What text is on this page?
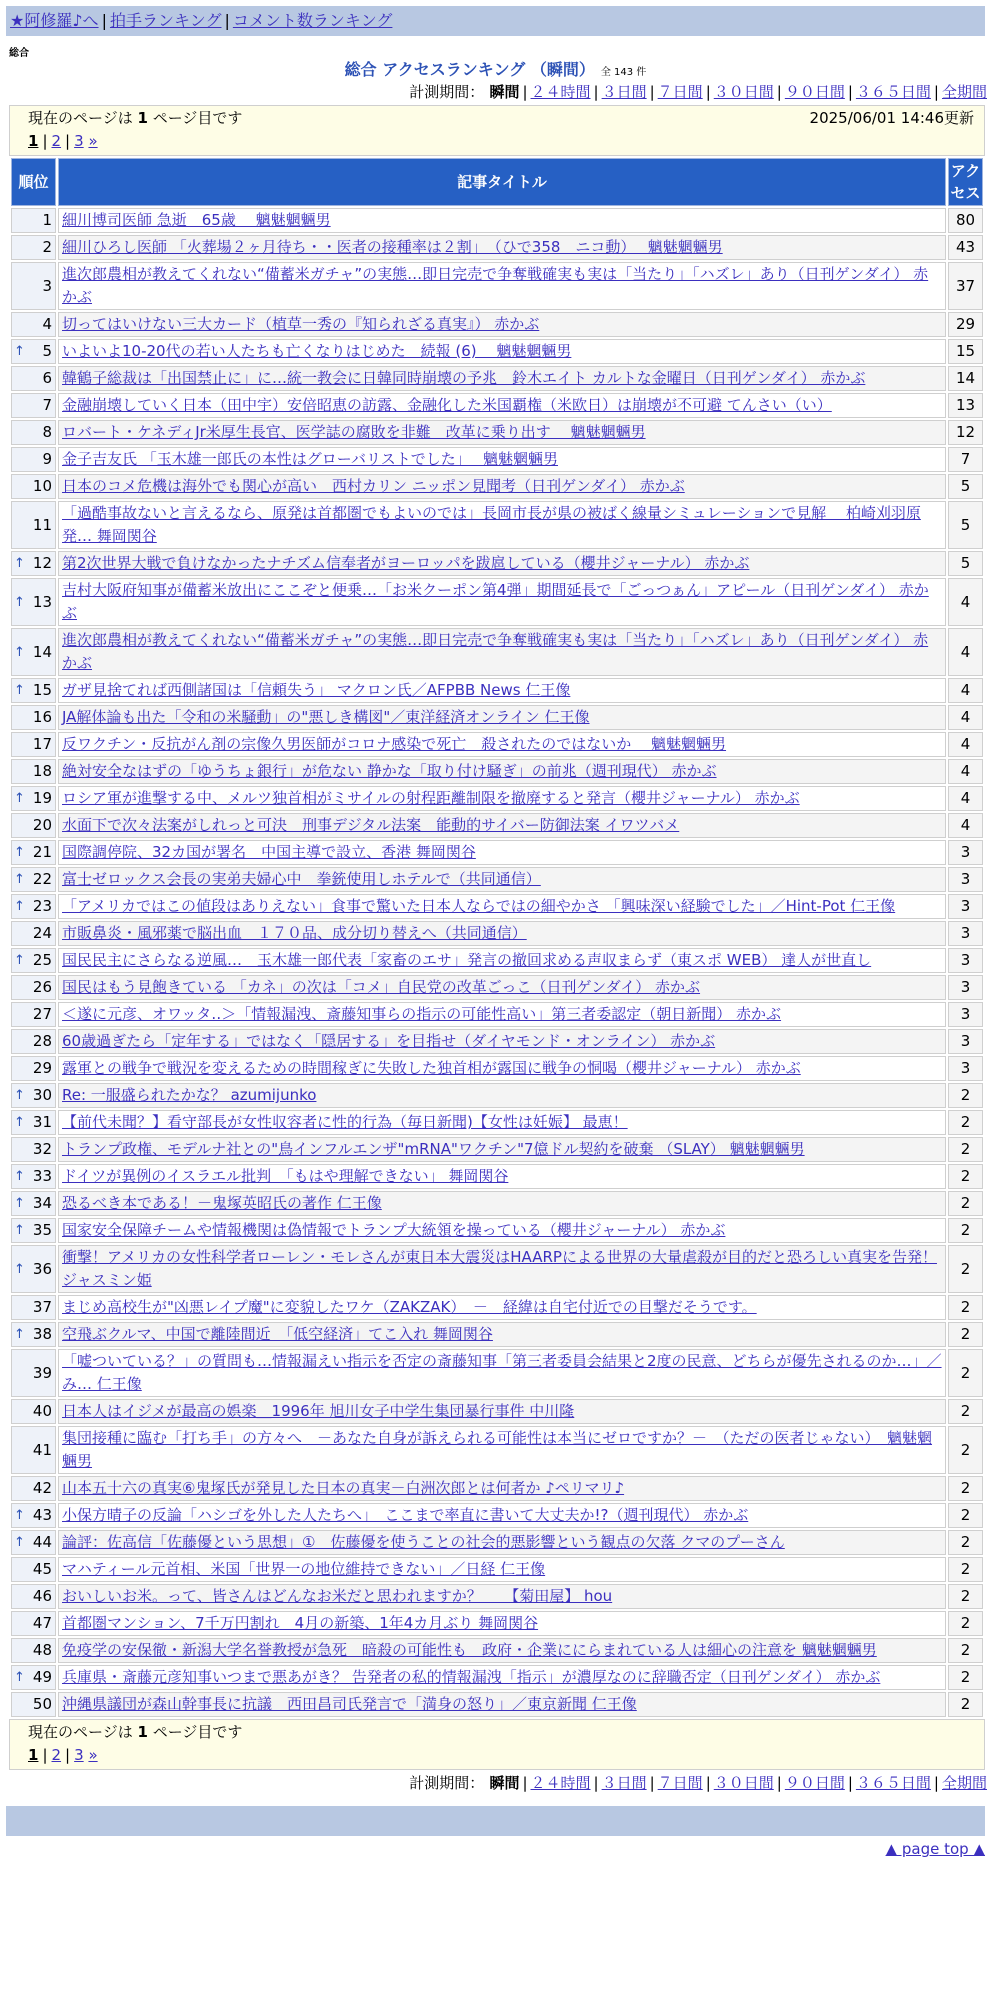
★阿修羅♪へ | 拍手ランキング | コメント数ランキング
総合
総合 アクセスランキング （瞬間） 全 143 件
計測期間： 瞬間 | ２４時間 | ３日間 | ７日間 | ３０日間 | ９０日間 | ３６５日間 | 全期間
現在のページは 1 ページ目です	2025/06/01 14:46更新
1 | 2 | 3 »
順位	記事タイトル	アクセス
1	細川博司医師 急逝　65歳　 魑魅魍魎男	80
2	細川ひろし医師 「火葬場２ヶ月待ち・・医者の接種率は２割」　（ひで358　ニコ動）　 魑魅魍魎男	43
3	進次郎農相が教えてくれない“備蓄米ガチャ”の実態…即日完売で争奪戦確実も実は「当たり」「ハズレ」あり（日刊ゲンダイ） 赤かぶ	37
4	切ってはいけない三大カード（植草一秀の『知られざる真実』） 赤かぶ	29

↑ 5	いよいよ10-20代の若い人たちも亡くなりはじめた　続報 (6)　 魑魅魍魎男	15
6	韓鶴子総裁は「出国禁止に」に…統一教会に日韓同時崩壊の予兆　鈴木エイト カルトな金曜日（日刊ゲンダイ） 赤かぶ	14
7	金融崩壊していく日本（田中宇）安倍昭恵の訪露、金融化した米国覇権（米欧日）は崩壊が不可避 てんさい（い）	13
8	ロバート・ケネディJr米厚生長官、医学誌の腐敗を非難　改革に乗り出す　 魑魅魍魎男	12
9	金子吉友氏 「玉木雄一郎氏の本性はグローバリストでした」　 魑魅魍魎男	7
10	日本のコメ危機は海外でも関心が高い　西村カリン ニッポン見聞考（日刊ゲンダイ） 赤かぶ	5
11	「過酷事故ないと言えるなら、原発は首都圏でもよいのでは」長岡市長が県の被ばく線量シミュレーションで見解　 柏崎刈羽原発… 舞岡関谷	5

↑ 12	第2次世界大戦で負けなかったナチズム信奉者がヨーロッパを跋扈している（櫻井ジャーナル） 赤かぶ	5

↑ 13	吉村大阪府知事が備蓄米放出にここぞと便乗…「お米クーポン第4弾」期間延長で「ごっつぁん」アピール（日刊ゲンダイ） 赤かぶ	4

↑ 14	進次郎農相が教えてくれない“備蓄米ガチャ”の実態…即日完売で争奪戦確実も実は「当たり」「ハズレ」あり（日刊ゲンダイ） 赤かぶ	4

↑ 15	ガザ見捨てれば西側諸国は「信頼失う」 マクロン氏／AFPBB News 仁王像	4
16	JA解体論も出た「令和の米騒動」の"悪しき構図"／東洋経済オンライン 仁王像	4
17	反ワクチン・反抗がん剤の宗像久男医師がコロナ感染で死亡　殺されたのではないか　 魑魅魍魎男	4
18	絶対安全なはずの「ゆうちょ銀行」が危ない 静かな「取り付け騒ぎ」の前兆（週刊現代） 赤かぶ	4

↑ 19	ロシア軍が進撃する中、メルツ独首相がミサイルの射程距離制限を撤廃すると発言（櫻井ジャーナル） 赤かぶ	4
20	水面下で次々法案がしれっと可決　刑事デジタル法案　能動的サイバー防御法案 イワツバメ	4

↑ 21	国際調停院、32カ国が署名　中国主導で設立、香港 舞岡関谷	3

↑ 22	富士ゼロックス会長の実弟夫婦心中　拳銃使用しホテルで（共同通信）	3

↑ 23	「アメリカではこの値段はありえない」食事で驚いた日本人ならではの細やかさ 「興味深い経験でした」／Hint-Pot 仁王像	3
24	市販鼻炎・風邪薬で脳出血　１７０品、成分切り替えへ（共同通信）	3

↑ 25	国民民主にさらなる逆風…　玉木雄一郎代表「家畜のエサ」発言の撤回求める声収まらず（東スポ WEB） 達人が世直し	3
26	国民はもう見飽きている 「カネ」の次は「コメ」自民党の改革ごっこ（日刊ゲンダイ） 赤かぶ	3
27	＜遂に元彦、オワッタ‥＞「情報漏洩、斎藤知事らの指示の可能性高い」第三者委認定（朝日新聞） 赤かぶ	3
28	60歳過ぎたら「定年する」ではなく「隠居する」を目指せ（ダイヤモンド・オンライン） 赤かぶ	3
29	露軍との戦争で戦況を変えるための時間稼ぎに失敗した独首相が露国に戦争の恫喝（櫻井ジャーナル） 赤かぶ	3

↑ 30	Re: 一服盛られたかな？ azumijunko	2

↑ 31	【前代未聞？】看守部長が女性収容者に性的行為（毎日新聞)【女性は妊娠】 最恵！	2
32	トランプ政権、モデルナ社との"鳥インフルエンザ"mRNA"ワクチン"7億ドル契約を破棄 （SLAY） 魑魅魍魎男	2

↑ 33	ドイツが異例のイスラエル批判　「もはや理解できない」 舞岡関谷	2

↑ 34	恐るべき本である！－鬼塚英昭氏の著作 仁王像	2

↑ 35	国家安全保障チームや情報機関は偽情報でトランプ大統領を操っている（櫻井ジャーナル） 赤かぶ	2

↑ 36	衝撃！アメリカの女性科学者ローレン・モレさんが東日本大震災はHAARPによる世界の大量虐殺が目的だと恐ろしい真実を告発！ ジャスミン姫	2
37	まじめ高校生が"凶悪レイプ魔"に変貌したワケ（ZAKZAK）　－　経緯は自宅付近での目撃だそうです。	2

↑ 38	空飛ぶクルマ、中国で離陸間近　「低空経済」てこ入れ 舞岡関谷	2
39	「嘘ついている？」の質問も…情報漏えい指示を否定の斎藤知事「第三者委員会結果と2度の民意、どちらが優先されるのか…」／み… 仁王像	2
40	日本人はイジメが最高の娯楽＿1996年 旭川女子中学生集団暴行事件 中川隆	2
41	集団接種に臨む「打ち手」の方々へ　－あなた自身が訴えられる可能性は本当にゼロですか？－　（ただの医者じゃない）　魑魅魍魎男	2
42	山本五十六の真実⑥鬼塚氏が発見した日本の真実－白洲次郎とは何者か ♪ペリマリ♪	2

↑ 43	小保方晴子の反論「ハシゴを外した人たちへ」　ここまで率直に書いて大丈夫か!?（週刊現代） 赤かぶ	2

↑ 44	論評：佐高信「佐藤優という思想」①　佐藤優を使うことの社会的悪影響という観点の欠落 クマのプーさん	2
45	マハティール元首相、米国「世界一の地位維持できない」／日経 仁王像	2
46	おいしいお米。って、皆さんはどんなお米だと思われますか？　　【菊田屋】 hou	2
47	首都圏マンション、7千万円割れ　4月の新築、1年4カ月ぶり 舞岡関谷	2
48	免疫学の安保徹・新潟大学名誉教授が急死　暗殺の可能性も　政府・企業ににらまれている人は細心の注意を 魑魅魍魎男	2

↑ 49	兵庫県・斎藤元彦知事いつまで悪あがき？ 告発者の私的情報漏洩「指示」が濃厚なのに辞職否定（日刊ゲンダイ） 赤かぶ	2
50	沖縄県議団が森山幹事長に抗議　西田昌司氏発言で「満身の怒り」／東京新聞 仁王像	2
現在のページは 1 ページ目です
1 | 2 | 3 »
計測期間： 瞬間 | ２４時間 | ３日間 | ７日間 | ３０日間 | ９０日間 | ３６５日間 | 全期間
▲ page top ▲
